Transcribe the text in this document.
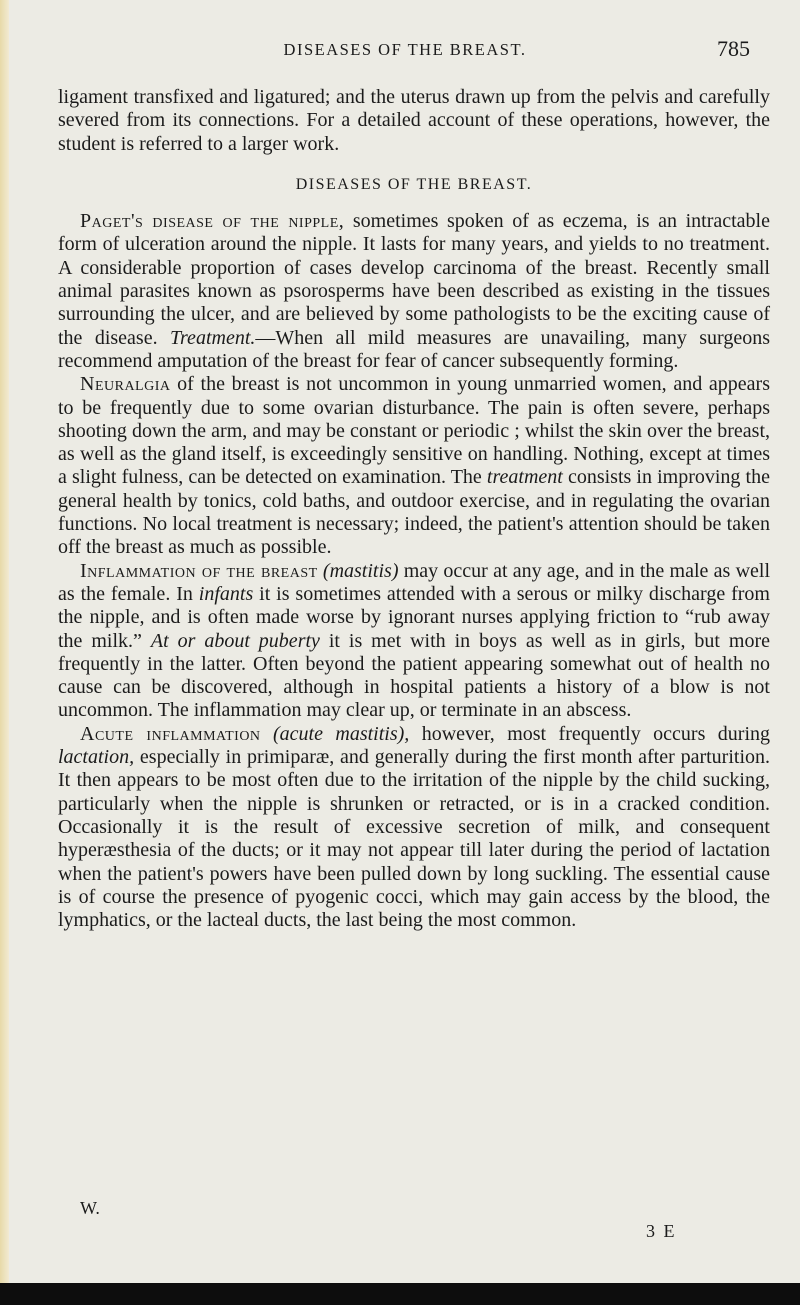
DISEASES OF THE BREAST.	785

ligament transfixed and ligatured; and the uterus drawn up from the pelvis and carefully severed from its connections. For a detailed account of these operations, however, the student is referred to a larger work.

DISEASES OF THE BREAST.

Paget's disease of the nipple, sometimes spoken of as eczema, is an intractable form of ulceration around the nipple. It lasts for many years, and yields to no treatment. A considerable proportion of cases develop carcinoma of the breast. Recently small animal parasites known as psorosperms have been described as existing in the tissues surrounding the ulcer, and are believed by some pathologists to be the exciting cause of the disease. Treatment.—When all mild measures are unavailing, many surgeons recommend amputation of the breast for fear of cancer subsequently forming.

Neuralgia of the breast is not uncommon in young unmarried women, and appears to be frequently due to some ovarian disturbance. The pain is often severe, perhaps shooting down the arm, and may be constant or periodic ; whilst the skin over the breast, as well as the gland itself, is exceedingly sensitive on handling. Nothing, except at times a slight fulness, can be detected on examination. The treatment consists in improving the general health by tonics, cold baths, and outdoor exercise, and in regulating the ovarian functions. No local treatment is necessary; indeed, the patient's attention should be taken off the breast as much as possible.

Inflammation of the breast (mastitis) may occur at any age, and in the male as well as the female. In infants it is sometimes attended with a serous or milky discharge from the nipple, and is often made worse by ignorant nurses applying friction to “rub away the milk.” At or about puberty it is met with in boys as well as in girls, but more frequently in the latter. Often beyond the patient appearing somewhat out of health no cause can be discovered, although in hospital patients a history of a blow is not uncommon. The inflammation may clear up, or terminate in an abscess.

Acute inflammation (acute mastitis), however, most frequently occurs during lactation, especially in primiparæ, and generally during the first month after parturition. It then appears to be most often due to the irritation of the nipple by the child sucking, particularly when the nipple is shrunken or retracted, or is in a cracked condition. Occasionally it is the result of excessive secretion of milk, and consequent hyperæsthesia of the ducts; or it may not appear till later during the period of lactation when the patient's powers have been pulled down by long suckling. The essential cause is of course the presence of pyogenic cocci, which may gain access by the blood, the lymphatics, or the lacteal ducts, the last being the most common.

W.
3 E
